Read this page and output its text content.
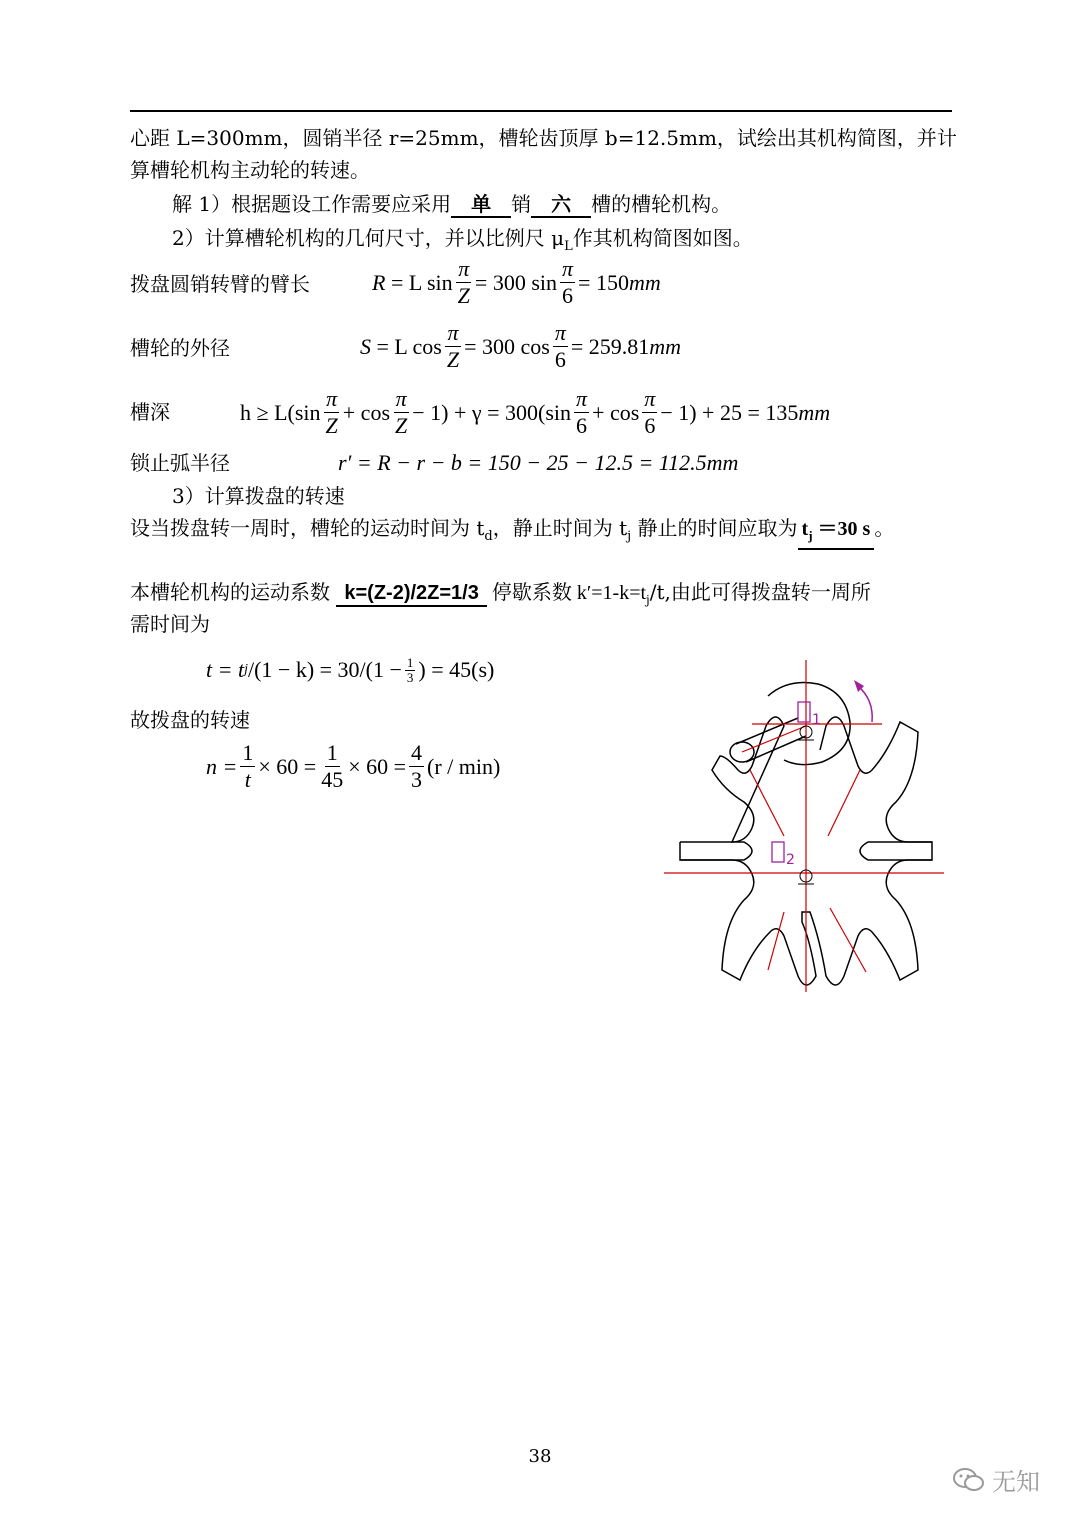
心距 L=300mm，圆销半径 r=25mm，槽轮齿顶厚 b=12.5mm，试绘出其机构简图，并计
算槽轮机构主动轮的转速。
解 1）根据题设工作需要应采用 单 销 六 槽的槽轮机构。
2）计算槽轮机构的几何尺寸，并以比例尺 $\mu_L$作其机构简图如图。
拨盘圆销转臂的臂长	R
= L $\sin \frac{\pi}{Z} = 300$ $\sin \frac{\pi}{6} = 150$ mm
槽轮的外径	S
= L $\cos \frac{\pi}{Z} = 300$ $\cos \frac{\pi}{6} = 259.81$ mm
槽深	$h \ge L(\sin \frac{\pi}{Z} + \cos \frac{\pi}{Z} - 1) + \gamma = 300(\sin \frac{\pi}{6} + \cos \frac{\pi}{6} - 1) + 25 = 135$ mm
锁止弧半径	r′ = R − r − b = 150 − 25 − 12.5 = 112.5 mm
3）计算拨盘的转速
设当拨盘转一周时，槽轮的运动时间为 $t_d$，静止时间为 $t_j$ 静止的时间应取为 $t_j =30$ s 。
本槽轮机构的运动系数 k=(Z-2)/2Z=1/3 停歇系数 $k'=1-k=t_j/t$,由此可得拨盘转一周所
需时间为
t = t j $/(1 - k) = 30/(1 - \frac{1}{3}$ ) = 45(s)
故拨盘的转速
$n = \frac{1}{t} \times 60 = \frac{1}{45} \times 60 = \frac{4}{3} (r / \min)$
1
2
38
无知
